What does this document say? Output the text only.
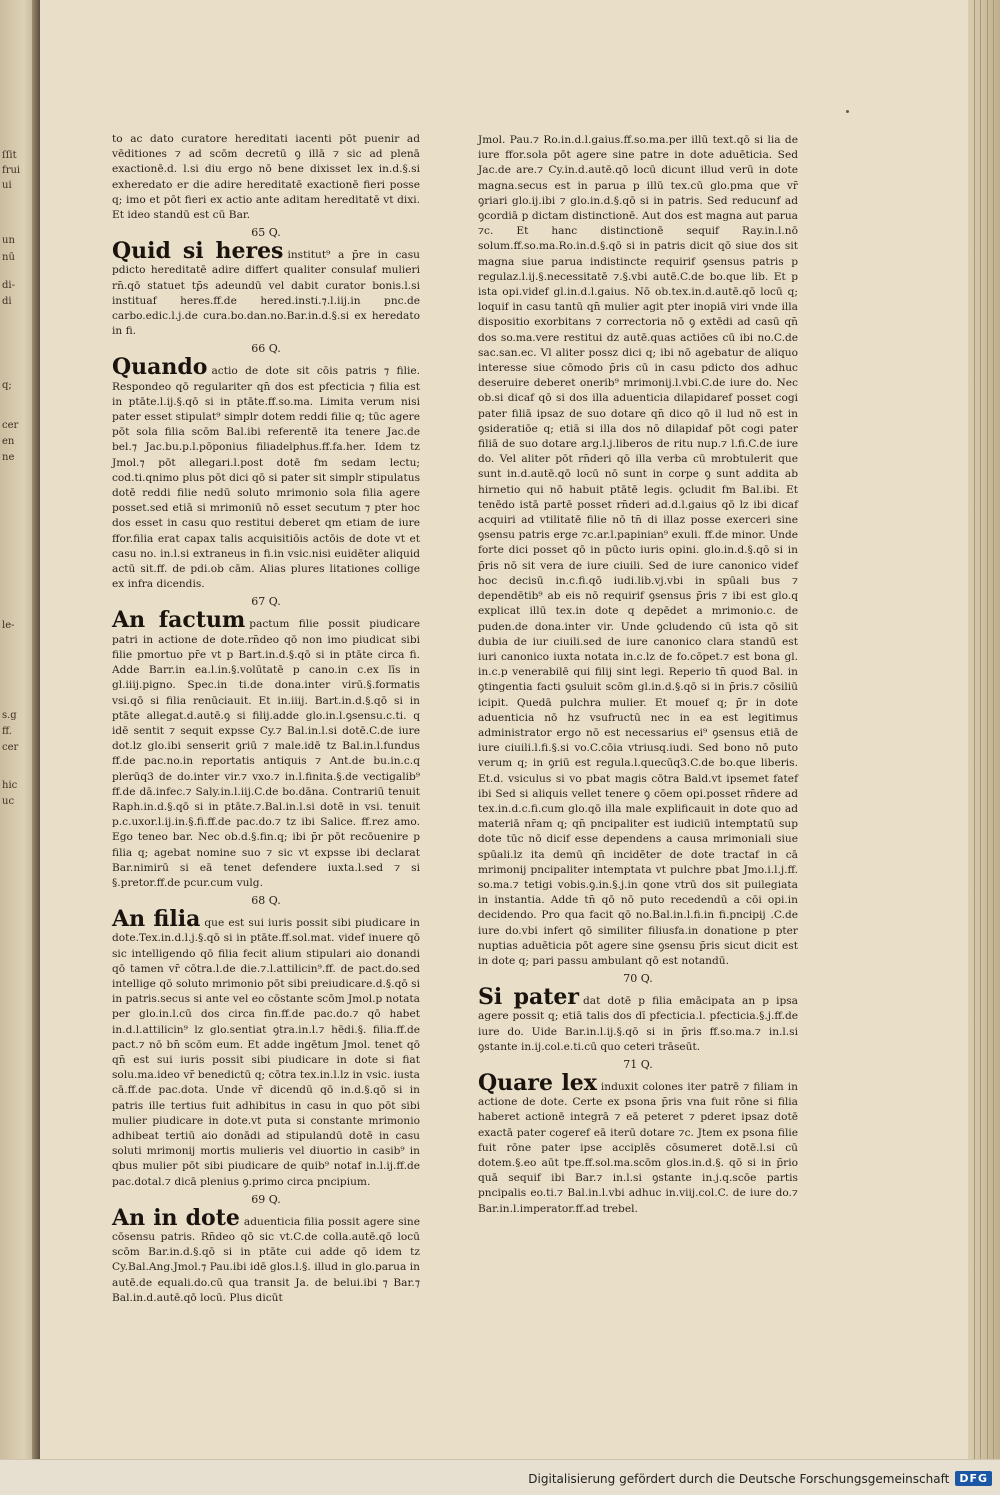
ſſit
frui
ui
un
nū
di-
di
q;
cer
en
ne
le-
s.g
ff.
cer
hic
uc

to ac dato curatore hereditati iacenti pōt puenir ad vēditiones ⁊ ad scōm decretū ꝯ illā ⁊ sic ad plenā exactionē.d. l.si diu ergo nō bene dixisset lex in.d.§.si exheredato er die adire hereditatē exactionē fieri posse q; imo et pōt fieri ex actio ante aditam hereditatē vt dixi. Et ideo standū est cū Bar.

65 Q.

Quid si heres institut⁹ a p̄re in casu pdicto hereditatē adire differt qualiter consulaf mulieri rn̄.qō statuet tp̄s adeundū vel dabit curator bonis.l.si instituaf heres.ff.de hered.insti.⁊.l.iij.in pnc.de carbo.edic.l.j.de cura.bo.dan.no.Bar.in.d.§.si ex heredato in fi.

66 Q.

Quando actio de dote sit cōis patris ⁊ filie. Respondeo qō regulariter qn̄ dos est pfecticia ⁊ filia est in ptāte.l.ij.§.qō si in ptāte.ff.so.ma. Limita verum nisi pater esset stipulat⁹ simplr dotem reddi filie q; tūc agere pōt sola filia scōm Bal.ibi referentē ita tenere Jac.de bel.⁊ Jac.bu.p.l.pōponius filiadelphus.ff.fa.her. Idem tz Jmol.⁊ pōt allegari.l.post dotē fm sedam lectu; cod.ti.qnimo plus pōt dici qō si pater sit simplr stipulatus dotē reddi filie nedū soluto mrimonio sola filia agere posset.sed etiā si mrimoniū nō esset secutum ⁊ pter hoc dos esset in casu quo restitui deberet qm etiam de iure ffor.filia erat capax talis acquisitiōis actōis de dote vt et casu no. in.l.si extraneus in fi.in vsic.nisi euidēter aliquid actū sit.ff. de pdi.ob cām. Alias plures litationes collige ex infra dicendis.

67 Q.

An factum pactum filie possit piudicare patri in actione de dote.rn̄deo qō non imo piudicat sibi filie pmortuo pr̄e vt p Bart.in.d.§.qō si in ptāte circa fi. Adde Barr.in ea.l.in.§.volūtatē p cano.in c.ex līs in gl.iiij.pigno. Spec.in ti.de dona.inter virū.§.formatis vsi.qō si filia renūciauit. Et in.iiij. Bart.in.d.§.qō si in ptāte allegat.d.autē.ꝯ si filij.adde glo.in.l.ꝯsensu.c.ti. q idē sentit ⁊ sequit expsse Cy.⁊ Bal.in.l.si dotē.C.de iure dot.lz glo.ibi senserit ꝯriū ⁊ male.idē tz Bal.in.l.fundus ff.de pac.no.in reportatis antiquis ⁊ Ant.de bu.in.c.q plerūq3 de do.inter vir.⁊ vxo.⁊ in.l.finita.§.de vectigalib⁹ ff.de dā.infec.⁊ Saly.in.l.iij.C.de bo.dāna. Contrariū tenuit Raph.in.d.§.qō si in ptāte.⁊.Bal.in.l.si dotē in vsi. tenuit p.c.uxor.l.ij.in.§.fi.ff.de pac.do.⁊ tz ibi Salice. ff.rez amo. Ego teneo bar. Nec ob.d.§.fin.q; ibi p̄r pōt recōuenire p filia q; agebat nomine suo ⁊ sic vt expsse ibi declarat Bar.nimirū si eā tenet defendere iuxta.l.sed ⁊ si §.pretor.ff.de pcur.cum vulg.

68 Q.

An filia que est sui iuris possit sibi piudicare in dote.Tex.in.d.l.j.§.qō si in ptāte.ff.sol.mat. videf inuere qō sic intelligendo qō filia fecit alium stipulari aio donandi qō tamen vr̄ cōtra.l.de die.⁊.l.attilicin⁹.ff. de pact.do.sed intellige qō soluto mrimonio pōt sibi preiudicare.d.§.qō si in patris.secus si ante vel eo cōstante scōm Jmol.p notata per glo.in.l.cū dos circa fin.ff.de pac.do.⁊ qō habet in.d.l.attilicin⁹ lz glo.sentiat ꝯtra.in.l.⁊ hēdi.§. filia.ff.de pact.⁊ nō bn̄ scōm eum. Et adde ingētum Jmol. tenet qō qn̄ est sui iuris possit sibi piudicare in dote si fiat solu.ma.ideo vr̄ benedictū q; cōtra tex.in.l.lz in vsic. iusta cā.ff.de pac.dota. Unde vr̄ dicendū qō in.d.§.qō si in patris ille tertius fuit adhibitus in casu in quo pōt sibi mulier piudicare in dote.vt puta si constante mrimonio adhibeat tertiū aio donādi ad stipulandū dotē in casu soluti mrimonij mortis mulieris vel diuortio in casib⁹ in qbus mulier pōt sibi piudicare de quib⁹ notaf in.l.ij.ff.de pac.dotal.⁊ dicā plenius ꝯ.primo circa pncipium.

69 Q.

An in dote aduenticia filia possit agere sine cōsensu patris. Rn̄deo qō sic vt.C.de colla.autē.qō locū scōm Bar.in.d.§.qō si in ptāte cui adde qō idem tz Cy.Bal.Ang.Jmol.⁊ Pau.ibi idē glos.l.§. illud in glo.parua in autē.de equali.do.cū qua transit Ja. de belui.ibi ⁊ Bar.⁊ Bal.in.d.autē.qō locū. Plus dicūt

Jmol. Pau.⁊ Ro.in.d.l.gaius.ff.so.ma.per illū text.qō si lia de iure ffor.sola pōt agere sine patre in dote aduēticia. Sed Jac.de are.⁊ Cy.in.d.autē.qō locū dicunt illud verū in dote magna.secus est in parua p illū tex.cū glo.pma que vr̄ ꝯriari glo.ij.ibi ⁊ glo.in.d.§.qō si in patris. Sed reducunf ad ꝯcordiā p dictam distinctionē. Aut dos est magna aut parua ⁊c. Et hanc distinctionē sequif Ray.in.l.nō solum.ff.so.ma.Ro.in.d.§.qō si in patris dicit qō siue dos sit magna siue parua indistincte requirif ꝯsensus patris p regulaz.l.ij.§.necessitatē ⁊.§.vbi autē.C.de bo.que lib. Et p ista opi.videf gl.in.d.l.gaius. Nō ob.tex.in.d.autē.qō locū q; loquif in casu tantū qn̄ mulier agit pter inopiā viri vnde illa dispositio exorbitans ⁊ correctoria nō ꝯ extēdi ad casū qn̄ dos so.ma.vere restitui dz autē.quas actiōes cū ibi no.C.de sac.san.ec. Vl aliter possz dici q; ibi nō agebatur de aliquo interesse siue cōmodo p̄ris cū in casu pdicto dos adhuc deseruire deberet onerib⁹ mrimonij.l.vbi.C.de iure do. Nec ob.si dicaf qō si dos illa aduenticia dilapidaref posset cogi pater filiā ipsaz de suo dotare qn̄ dico qō il lud nō est in ꝯsideratiōe q; etiā si illa dos nō dilapidaf pōt cogi pater filiā de suo dotare arg.l.j.liberos de ritu nup.⁊ l.fi.C.de iure do. Vel aliter pōt rn̄deri qō illa verba cū mrobtulerit que sunt in.d.autē.qō locū nō sunt in corpe ꝯ sunt addita ab hirnetio qui nō habuit ptātē legis. ꝯcludit fm Bal.ibi. Et tenēdo istā partē posset rn̄deri ad.d.l.gaius qō lz ibi dicaf acquiri ad vtilitatē filie nō tn̄ di illaz posse exerceri sine ꝯsensu patris erge ⁊c.ar.l.papinian⁹ exuli. ff.de minor. Unde forte dici posset qō in pūcto iuris opini. glo.in.d.§.qō si in p̄ris nō sit vera de iure ciuili. Sed de iure canonico videf hoc decisū in.c.fi.qō iudi.lib.vj.vbi in spūali bus ⁊ dependētib⁹ ab eis nō requirif ꝯsensus p̄ris ⁊ ibi est glo.q explicat illū tex.in dote q depēdet a mrimonio.c. de puden.de dona.inter vir. Unde ꝯcludendo cū ista qō sit dubia de iur ciuili.sed de iure canonico clara standū est iuri canonico iuxta notata in.c.lz de fo.cōpet.⁊ est bona gl. in.c.p venerabilē qui filij sint legi. Reperio tn̄ quod Bal. in ꝯtingentia facti ꝯsuluit scōm gl.in.d.§.qō si in p̄ris.⁊ cōsiliū icipit. Quedā pulchra mulier. Et mouef q; p̄r in dote aduenticia nō hz vsufructū nec in ea est legitimus administrator ergo nō est necessarius ei⁹ ꝯsensus etiā de iure ciuili.l.fi.§.si vo.C.cōia vtriusq.iudi. Sed bono nō puto verum q; in ꝯriū est regula.l.quecūq3.C.de bo.que liberis. Et.d. vsiculus si vo pbat magis cōtra Bald.vt ipsemet fatef ibi Sed si aliquis vellet tenere ꝯ cōem opi.posset rn̄dere ad tex.in.d.c.fi.cum glo.qō illa male explificauit in dote quo ad materiā nr̄am q; qn̄ pncipaliter est iudiciū intemptatū sup dote tūc nō dicif esse dependens a causa mrimoniali siue spūali.lz ita demū qn̄ incidēter de dote tractaf in cā mrimonij pncipaliter intemptata vt pulchre pbat Jmo.i.l.j.ff. so.ma.⁊ tetigi vobis.ꝯ.in.§.j.in qone vtrū dos sit puilegiata in instantia. Adde tn̄ qō nō puto recedendū a cōi opi.in decidendo. Pro qua facit qō no.Bal.in.l.fi.in fi.pncipij .C.de iure do.vbi infert qō similiter filiusfa.in donatione p pter nuptias aduēticia pōt agere sine ꝯsensu p̄ris sicut dicit est in dote q; pari passu ambulant qō est notandū.

70 Q.

Si pater dat dotē p filia emācipata an p ipsa agere possit q; etiā talis dos dī pfecticia.l. pfecticia.§.j.ff.de iure do. Uide Bar.in.l.ij.§.qō si in p̄ris ff.so.ma.⁊ in.l.si ꝯstante in.ij.col.e.ti.cū quo ceteri trāseūt.

71 Q.

Quare lex induxit colones iter patrē ⁊ filiam in actione de dote. Certe ex psona p̄ris vna fuit rōne si filia haberet actionē integrā ⁊ eā peteret ⁊ pderet ipsaz dotē exactā pater cogeref eā iterū dotare ⁊c. Jtem ex psona filie fuit rōne pater ipse acciplēs cōsumeret dotē.l.si cū dotem.§.eo aūt tpe.ff.sol.ma.scōm glos.in.d.§. qō si in p̄rio quā sequif ibi Bar.⁊ in.l.si ꝯstante in.j.q.scōe partis pncipalis eo.ti.⁊ Bal.in.l.vbi adhuc in.viij.col.C. de iure do.⁊ Bar.in.l.imperator.ff.ad trebel.

Digitalisierung gefördert durch die Deutsche Forschungsgemeinschaft DFG
